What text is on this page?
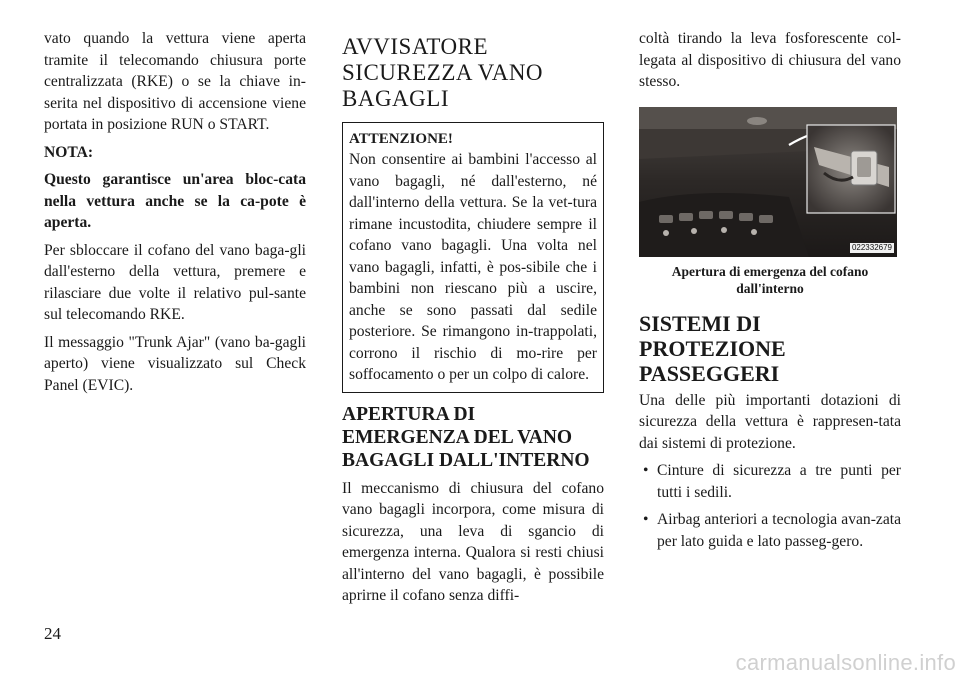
vato quando la vettura viene aperta tramite il telecomando chiusura porte centralizzata (RKE) o se la chiave in-serita nel dispositivo di accensione viene portata in posizione RUN o START.

NOTA:

Questo garantisce un'area bloc-cata nella vettura anche se la ca-pote è aperta.

Per sbloccare il cofano del vano baga-gli dall'esterno della vettura, premere e rilasciare due volte il relativo pul-sante sul telecomando RKE.

Il messaggio "Trunk Ajar" (vano ba-gagli aperto) viene visualizzato sul Check Panel (EVIC).

AVVISATORE SICUREZZA VANO BAGAGLI
ATTENZIONE!

Non consentire ai bambini l'accesso al vano bagagli, né dall'esterno, né dall'interno della vettura. Se la vet-tura rimane incustodita, chiudere sempre il cofano vano bagagli. Una volta nel vano bagagli, infatti, è pos-sibile che i bambini non riescano più a uscire, anche se sono passati dal sedile posteriore. Se rimangono in-trappolati, corrono il rischio di mo-rire per soffocamento o per un colpo di calore.

APERTURA DI EMERGENZA DEL VANO BAGAGLI DALL'INTERNO

Il meccanismo di chiusura del cofano vano bagagli incorpora, come misura di sicurezza, una leva di sgancio di emergenza interna. Qualora si resti chiusi all'interno del vano bagagli, è possibile aprirne il cofano senza diffi-

coltà tirando la leva fosforescente col-legata al dispositivo di chiusura del vano stesso.

022332679
Apertura di emergenza del cofano dall'interno
SISTEMI DI PROTEZIONE PASSEGGERI

Una delle più importanti dotazioni di sicurezza della vettura è rappresen-tata dai sistemi di protezione.

• Cinture di sicurezza a tre punti per tutti i sedili.
• Airbag anteriori a tecnologia avan-zata per lato guida e lato passeg-gero.
24
carmanualsonline.info
